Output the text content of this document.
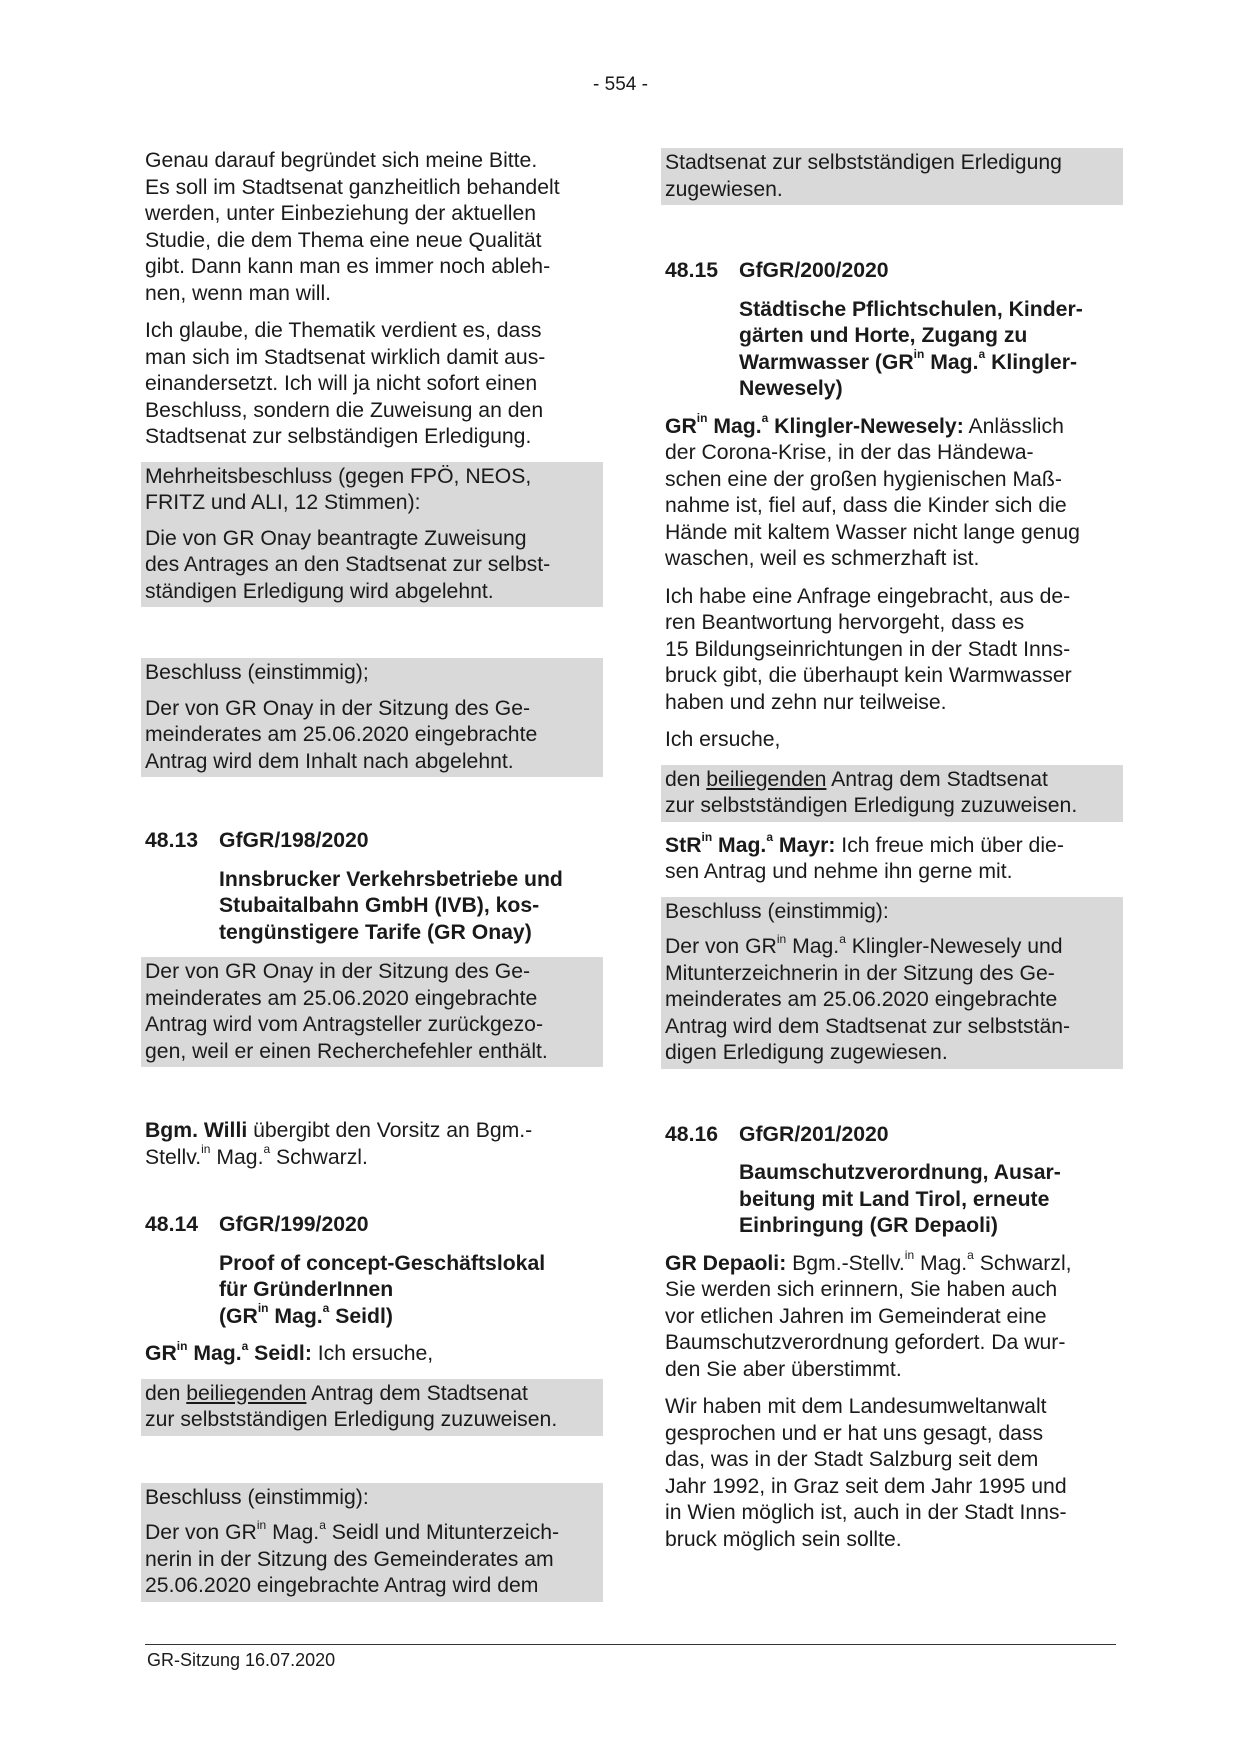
- 554 -
Genau darauf begründet sich meine Bitte.
Es soll im Stadtsenat ganzheitlich behandelt
werden, unter Einbeziehung der aktuellen
Studie, die dem Thema eine neue Qualität
gibt. Dann kann man es immer noch ableh-
nen, wenn man will.
Ich glaube, die Thematik verdient es, dass
man sich im Stadtsenat wirklich damit aus-
einandersetzt. Ich will ja nicht sofort einen
Beschluss, sondern die Zuweisung an den
Stadtsenat zur selbständigen Erledigung.
Mehrheitsbeschluss (gegen FPÖ, NEOS,
FRITZ und ALI, 12 Stimmen):
Die von GR Onay beantragte Zuweisung
des Antrages an den Stadtsenat zur selbst-
ständigen Erledigung wird abgelehnt.
Beschluss (einstimmig);
Der von GR Onay in der Sitzung des Ge-
meinderates am 25.06.2020 eingebrachte
Antrag wird dem Inhalt nach abgelehnt.
48.13 GfGR/198/2020
Innsbrucker Verkehrsbetriebe und
Stubaitalbahn GmbH (IVB), kos-
tengünstigere Tarife (GR Onay)
Der von GR Onay in der Sitzung des Ge-
meinderates am 25.06.2020 eingebrachte
Antrag wird vom Antragsteller zurückgezo-
gen, weil er einen Recherchefehler enthält.
Bgm. Willi übergibt den Vorsitz an Bgm.-
Stellv.$^{in}$ Mag.$^a$ Schwarzl.
48.14 GfGR/199/2020
Proof of concept-Geschäftslokal
für GründerInnen
($GR^{in}$ Mag.$^a$ Seidl)
$GR^{in}$ Mag.$^a$ Seidl: Ich ersuche,
den beiliegenden Antrag dem Stadtsenat
zur selbstständigen Erledigung zuzuweisen.
Beschluss (einstimmig):
Der von $GR^{in}$ Mag.$^a$ Seidl und Mitunterzeich-
nerin in der Sitzung des Gemeinderates am
25.06.2020 eingebrachte Antrag wird dem
Stadtsenat zur selbstständigen Erledigung
zugewiesen.
48.15 GfGR/200/2020
Städtische Pflichtschulen, Kinder-
gärten und Horte, Zugang zu
Warmwasser ($GR^{in}$ Mag.$^a$ Klingler-
Newesely)
$GR^{in}$ Mag.$^a$ Klingler-Newesely: Anlässlich
der Corona-Krise, in der das Händewa-
schen eine der großen hygienischen Maß-
nahme ist, fiel auf, dass die Kinder sich die
Hände mit kaltem Wasser nicht lange genug
waschen, weil es schmerzhaft ist.
Ich habe eine Anfrage eingebracht, aus de-
ren Beantwortung hervorgeht, dass es
15 Bildungseinrichtungen in der Stadt Inns-
bruck gibt, die überhaupt kein Warmwasser
haben und zehn nur teilweise.
Ich ersuche,
den beiliegenden Antrag dem Stadtsenat
zur selbstständigen Erledigung zuzuweisen.
StR$^{in}$ Mag.$^a$ Mayr: Ich freue mich über die-
sen Antrag und nehme ihn gerne mit.
Beschluss (einstimmig):
Der von $GR^{in}$ Mag.$^a$ Klingler-Newesely und
Mitunterzeichnerin in der Sitzung des Ge-
meinderates am 25.06.2020 eingebrachte
Antrag wird dem Stadtsenat zur selbststän-
digen Erledigung zugewiesen.
48.16 GfGR/201/2020
Baumschutzverordnung, Ausar-
beitung mit Land Tirol, erneute
Einbringung (GR Depaoli)
GR Depaoli: Bgm.-Stellv.$^{in}$ Mag.$^a$ Schwarzl,
Sie werden sich erinnern, Sie haben auch
vor etlichen Jahren im Gemeinderat eine
Baumschutzverordnung gefordert. Da wur-
den Sie aber überstimmt.
Wir haben mit dem Landesumweltanwalt
gesprochen und er hat uns gesagt, dass
das, was in der Stadt Salzburg seit dem
Jahr 1992, in Graz seit dem Jahr 1995 und
in Wien möglich ist, auch in der Stadt Inns-
bruck möglich sein sollte.
GR-Sitzung 16.07.2020
